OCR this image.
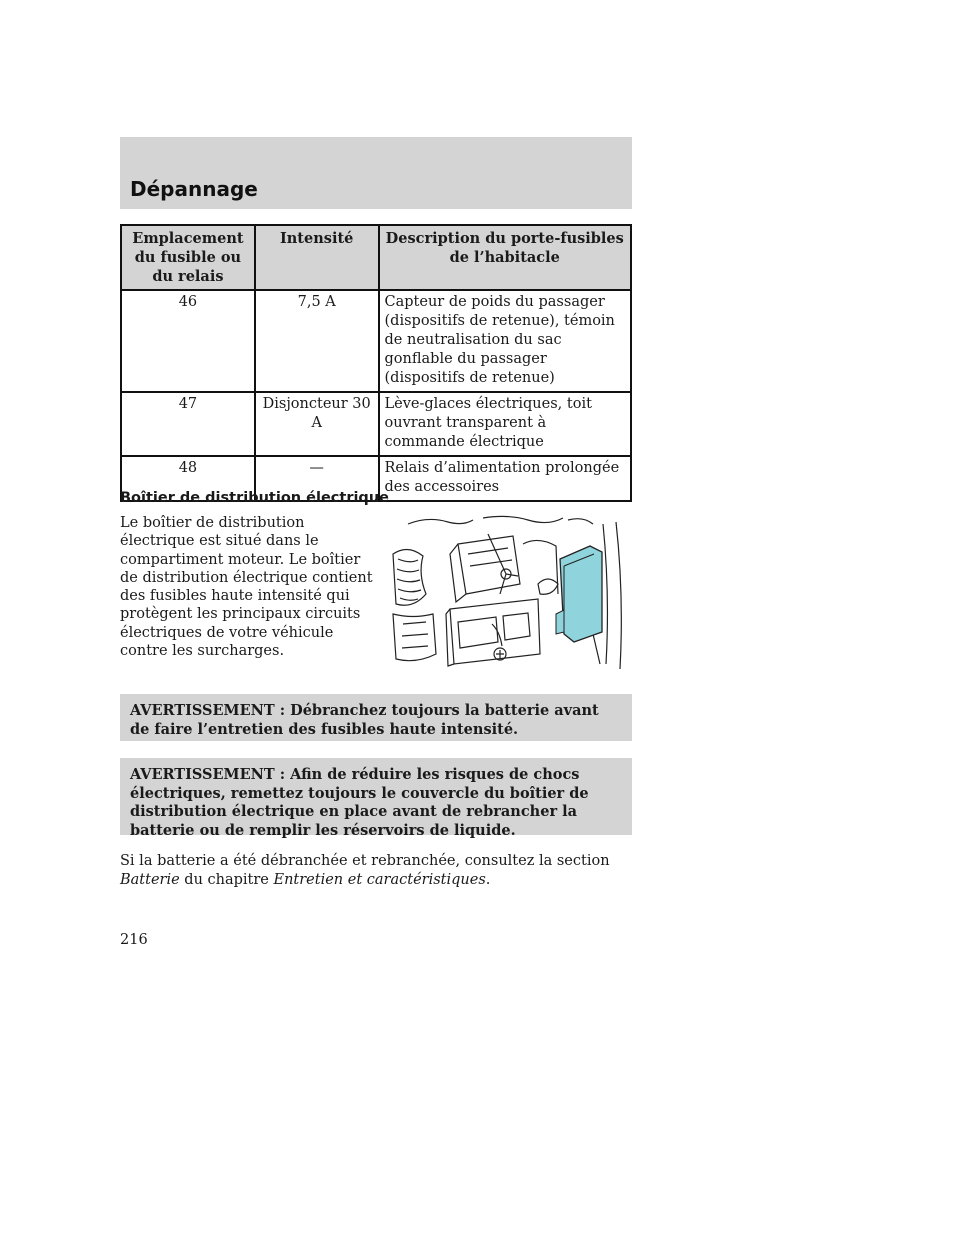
Dépannage
Emplacement du fusible ou du relais	Intensité	Description du porte-fusibles de l’habitacle
46	7,5 A	Capteur de poids du passager (dispositifs de retenue), témoin de neutralisation du sac gonflable du passager (dispositifs de retenue)
47	Disjoncteur 30 A	Lève-glaces électriques, toit ouvrant transparent à commande électrique
48	—	Relais d’alimentation prolongée des accessoires
Boîtier de distribution électrique
Le boîtier de distribution électrique est situé dans le compartiment moteur. Le boîtier de distribution électrique contient des fusibles haute intensité qui protègent les principaux circuits électriques de votre véhicule contre les surcharges.
AVERTISSEMENT : Débranchez toujours la batterie avant de faire l’entretien des fusibles haute intensité.
AVERTISSEMENT : Afin de réduire les risques de chocs électriques, remettez toujours le couvercle du boîtier de distribution électrique en place avant de rebrancher la batterie ou de remplir les réservoirs de liquide.
Si la batterie a été débranchée et rebranchée, consultez la section
Batterie du chapitre Entretien et caractéristiques.
216
